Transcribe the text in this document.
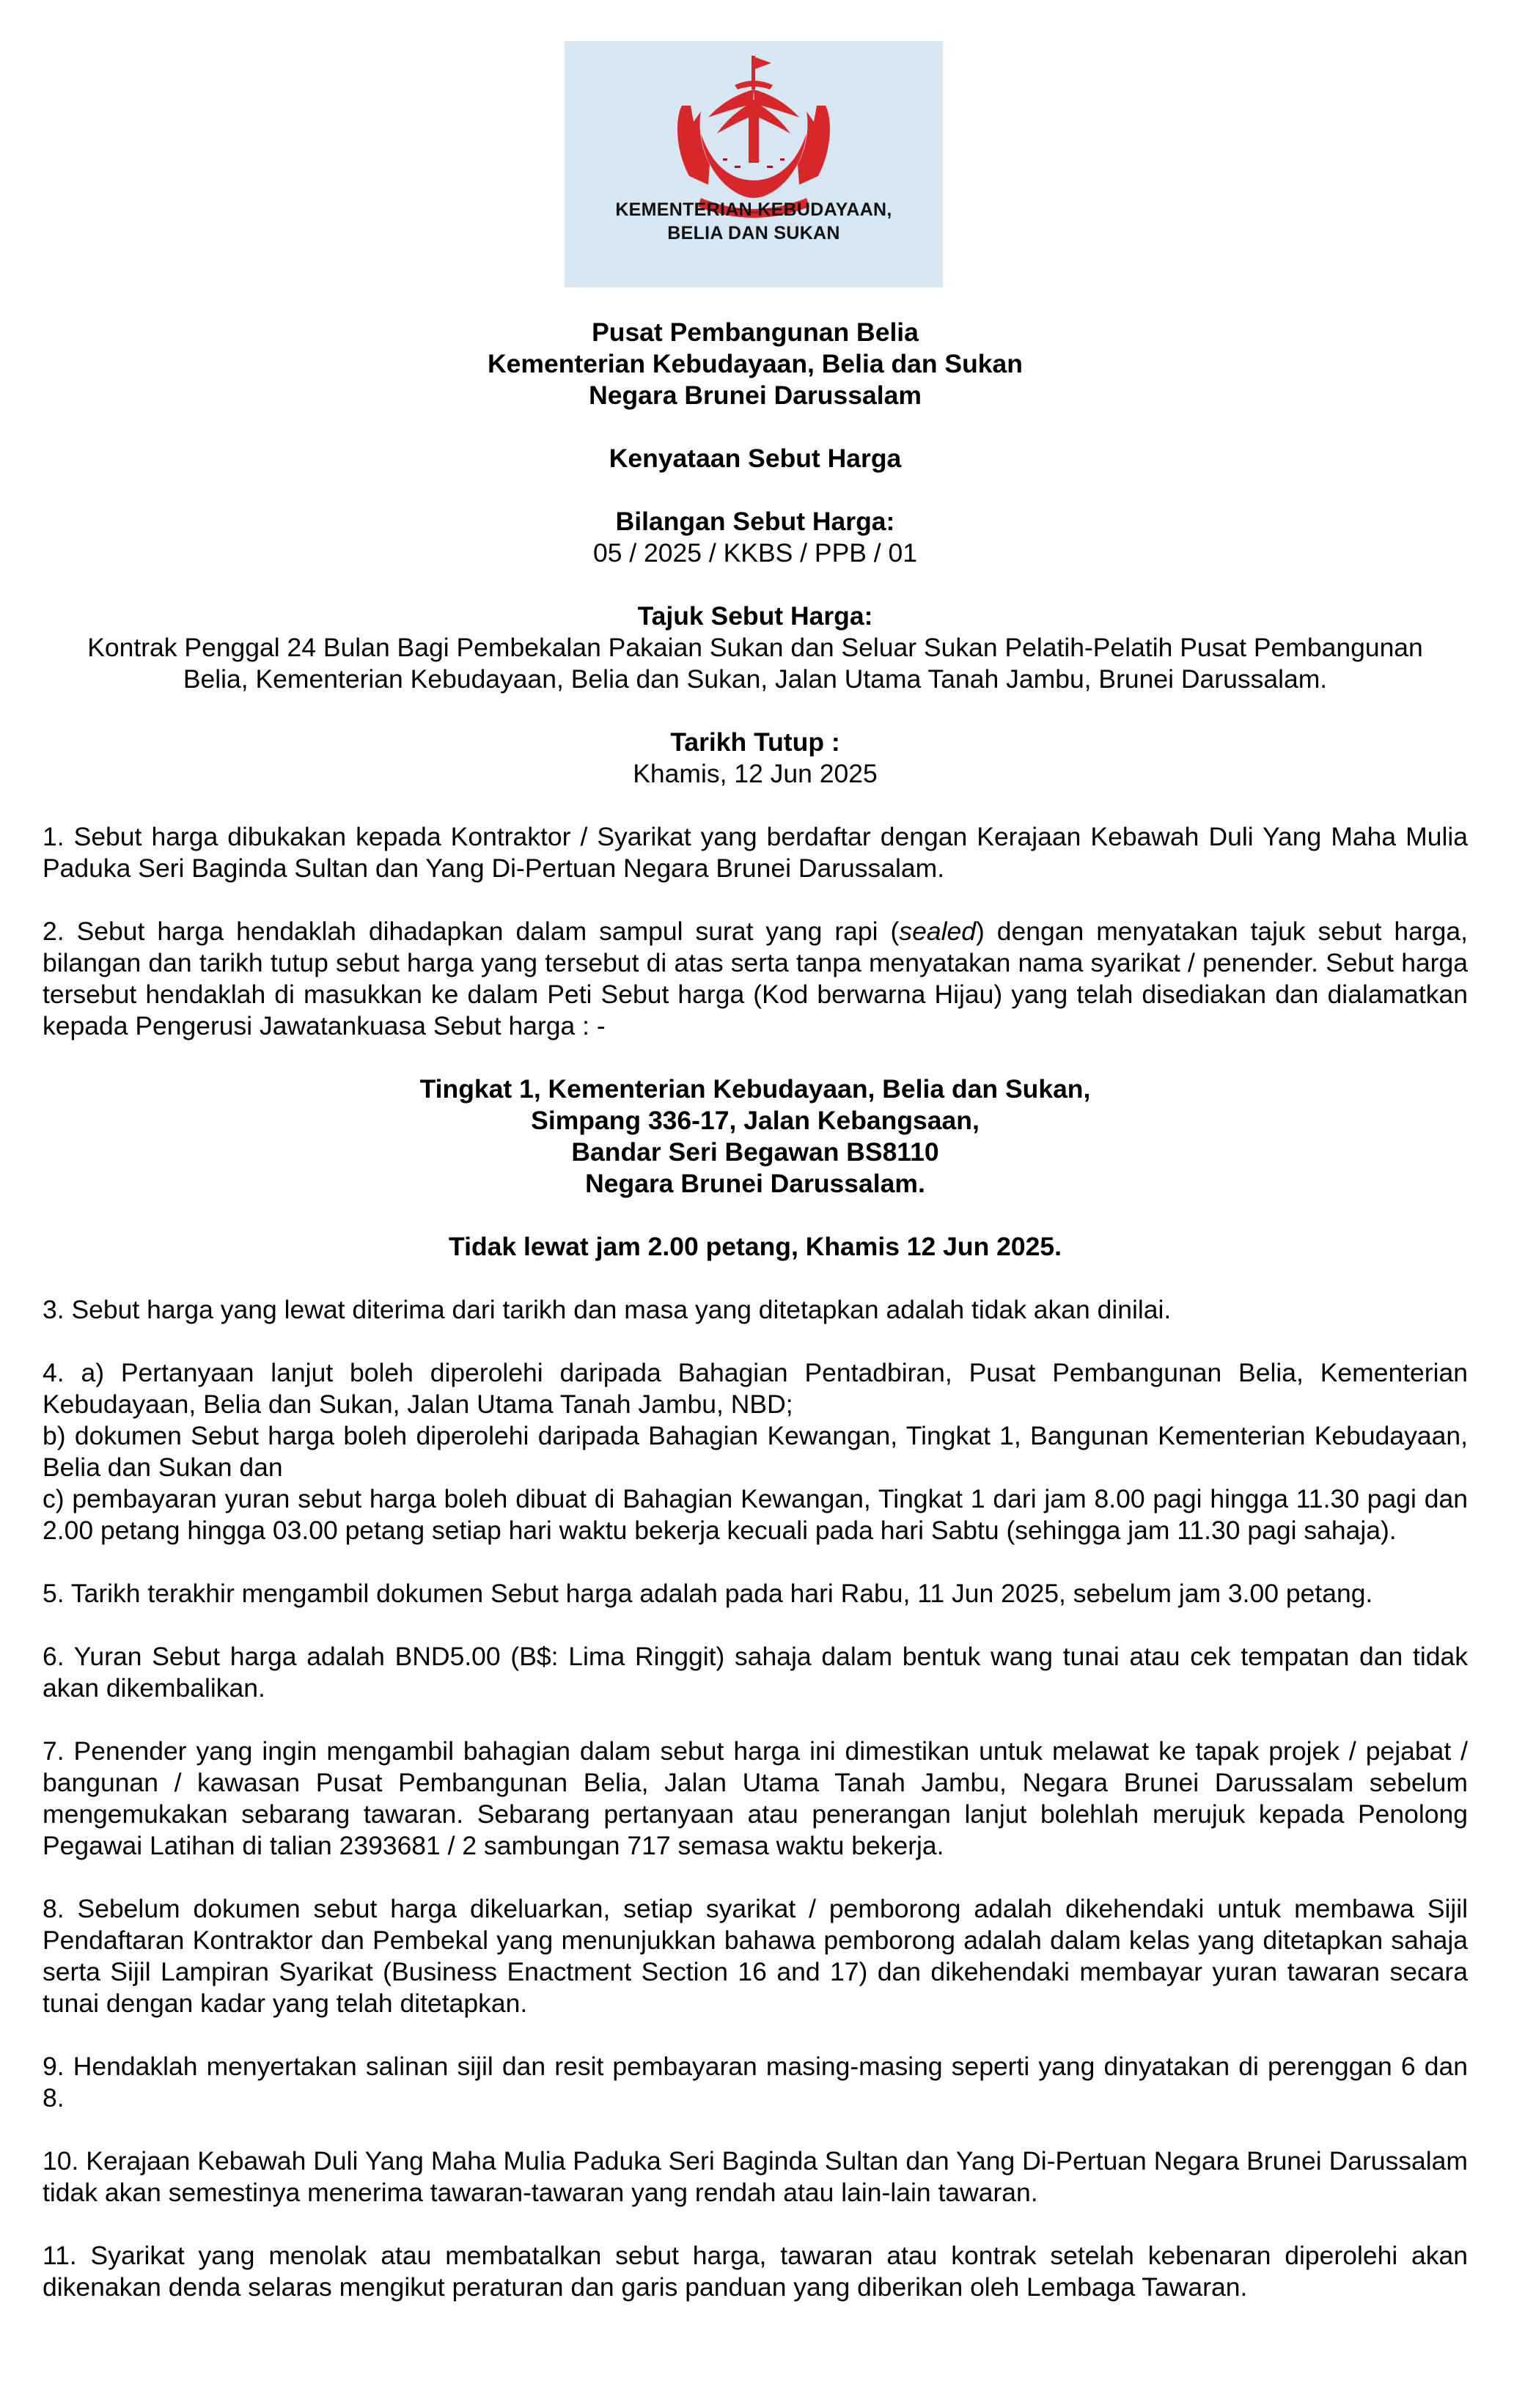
KEMENTERIAN KEBUDAYAAN,
BELIA DAN SUKAN

Pusat Pembangunan Belia

Kementerian Kebudayaan, Belia dan Sukan

Negara Brunei Darussalam

Kenyataan Sebut Harga

Bilangan Sebut Harga:

05 / 2025 / KKBS / PPB / 01

Tajuk Sebut Harga:

Kontrak Penggal 24 Bulan Bagi Pembekalan Pakaian Sukan dan Seluar Sukan Pelatih-Pelatih Pusat Pembangunan

Belia, Kementerian Kebudayaan, Belia dan Sukan, Jalan Utama Tanah Jambu, Brunei Darussalam.

Tarikh Tutup :

Khamis, 12 Jun 2025

1. Sebut harga dibukakan kepada Kontraktor / Syarikat yang berdaftar dengan Kerajaan Kebawah Duli Yang Maha Mulia Paduka Seri Baginda Sultan dan Yang Di-Pertuan Negara Brunei Darussalam.

2. Sebut harga hendaklah dihadapkan dalam sampul surat yang rapi (sealed) dengan menyatakan tajuk sebut harga, bilangan dan tarikh tutup sebut harga yang tersebut di atas serta tanpa menyatakan nama syarikat / penender. Sebut harga tersebut hendaklah di masukkan ke dalam Peti Sebut harga (Kod berwarna Hijau) yang telah disediakan dan dialamatkan kepada Pengerusi Jawatankuasa Sebut harga : -

Tingkat 1, Kementerian Kebudayaan, Belia dan Sukan,

Simpang 336-17, Jalan Kebangsaan,

Bandar Seri Begawan BS8110

Negara Brunei Darussalam.

Tidak lewat jam 2.00 petang, Khamis 12 Jun 2025.

3. Sebut harga yang lewat diterima dari tarikh dan masa yang ditetapkan adalah tidak akan dinilai.

4. a) Pertanyaan lanjut boleh diperolehi daripada Bahagian Pentadbiran, Pusat Pembangunan Belia, Kementerian Kebudayaan, Belia dan Sukan, Jalan Utama Tanah Jambu, NBD;

b) dokumen Sebut harga boleh diperolehi daripada Bahagian Kewangan, Tingkat 1, Bangunan Kementerian Kebudayaan, Belia dan Sukan dan

c) pembayaran yuran sebut harga boleh dibuat di Bahagian Kewangan, Tingkat 1 dari jam 8.00 pagi hingga 11.30 pagi dan 2.00 petang hingga 03.00 petang setiap hari waktu bekerja kecuali pada hari Sabtu (sehingga jam 11.30 pagi sahaja).

5. Tarikh terakhir mengambil dokumen Sebut harga adalah pada hari Rabu, 11 Jun 2025, sebelum jam 3.00 petang.

6. Yuran Sebut harga adalah BND5.00 (B$: Lima Ringgit) sahaja dalam bentuk wang tunai atau cek tempatan dan tidak akan dikembalikan.

7. Penender yang ingin mengambil bahagian dalam sebut harga ini dimestikan untuk melawat ke tapak projek / pejabat / bangunan / kawasan Pusat Pembangunan Belia, Jalan Utama Tanah Jambu, Negara Brunei Darussalam sebelum mengemukakan sebarang tawaran. Sebarang pertanyaan atau penerangan lanjut bolehlah merujuk kepada Penolong Pegawai Latihan di talian 2393681 / 2 sambungan 717 semasa waktu bekerja.

8. Sebelum dokumen sebut harga dikeluarkan, setiap syarikat / pemborong adalah dikehendaki untuk membawa Sijil Pendaftaran Kontraktor dan Pembekal yang menunjukkan bahawa pemborong adalah dalam kelas yang ditetapkan sahaja serta Sijil Lampiran Syarikat (Business Enactment Section 16 and 17) dan dikehendaki membayar yuran tawaran secara tunai dengan kadar yang telah ditetapkan.

9. Hendaklah menyertakan salinan sijil dan resit pembayaran masing-masing seperti yang dinyatakan di perenggan 6 dan 8.

10. Kerajaan Kebawah Duli Yang Maha Mulia Paduka Seri Baginda Sultan dan Yang Di-Pertuan Negara Brunei Darussalam tidak akan semestinya menerima tawaran-tawaran yang rendah atau lain-lain tawaran.

11. Syarikat yang menolak atau membatalkan sebut harga, tawaran atau kontrak setelah kebenaran diperolehi akan dikenakan denda selaras mengikut peraturan dan garis panduan yang diberikan oleh Lembaga Tawaran.
